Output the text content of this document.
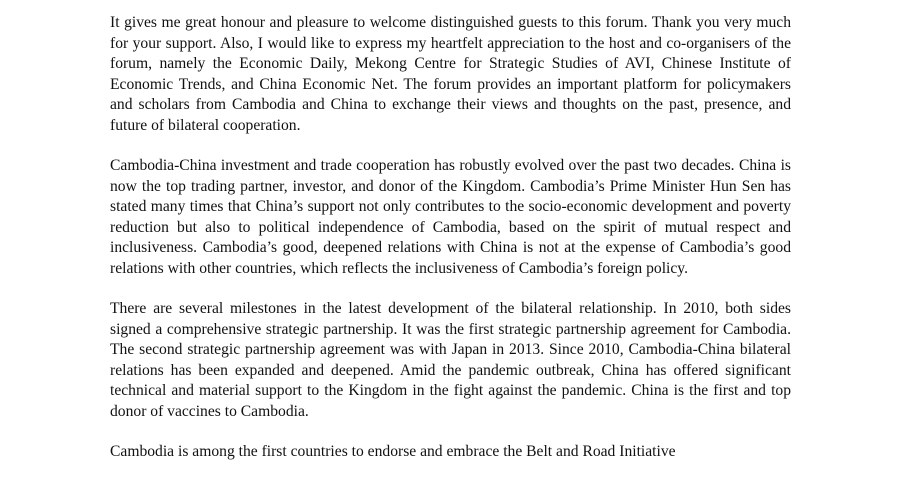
It gives me great honour and pleasure to welcome distinguished guests to this forum. Thank you very much for your support. Also, I would like to express my heartfelt appreciation to the host and co-organisers of the forum, namely the Economic Daily, Mekong Centre for Strategic Studies of AVI, Chinese Institute of Economic Trends, and China Economic Net. The forum provides an important platform for policymakers and scholars from Cambodia and China to exchange their views and thoughts on the past, presence, and future of bilateral cooperation.

Cambodia-China investment and trade cooperation has robustly evolved over the past two decades. China is now the top trading partner, investor, and donor of the Kingdom. Cambodia’s Prime Minister Hun Sen has stated many times that China’s support not only contributes to the socio-economic development and poverty reduction but also to political independence of Cambodia, based on the spirit of mutual respect and inclusiveness. Cambodia’s good, deepened relations with China is not at the expense of Cambodia’s good relations with other countries, which reflects the inclusiveness of Cambodia’s foreign policy.

There are several milestones in the latest development of the bilateral relationship. In 2010, both sides signed a comprehensive strategic partnership. It was the first strategic partnership agreement for Cambodia. The second strategic partnership agreement was with Japan in 2013. Since 2010, Cambodia-China bilateral relations has been expanded and deepened. Amid the pandemic outbreak, China has offered significant technical and material support to the Kingdom in the fight against the pandemic. China is the first and top donor of vaccines to Cambodia.

Cambodia is among the first countries to endorse and embrace the Belt and Road Initiative
